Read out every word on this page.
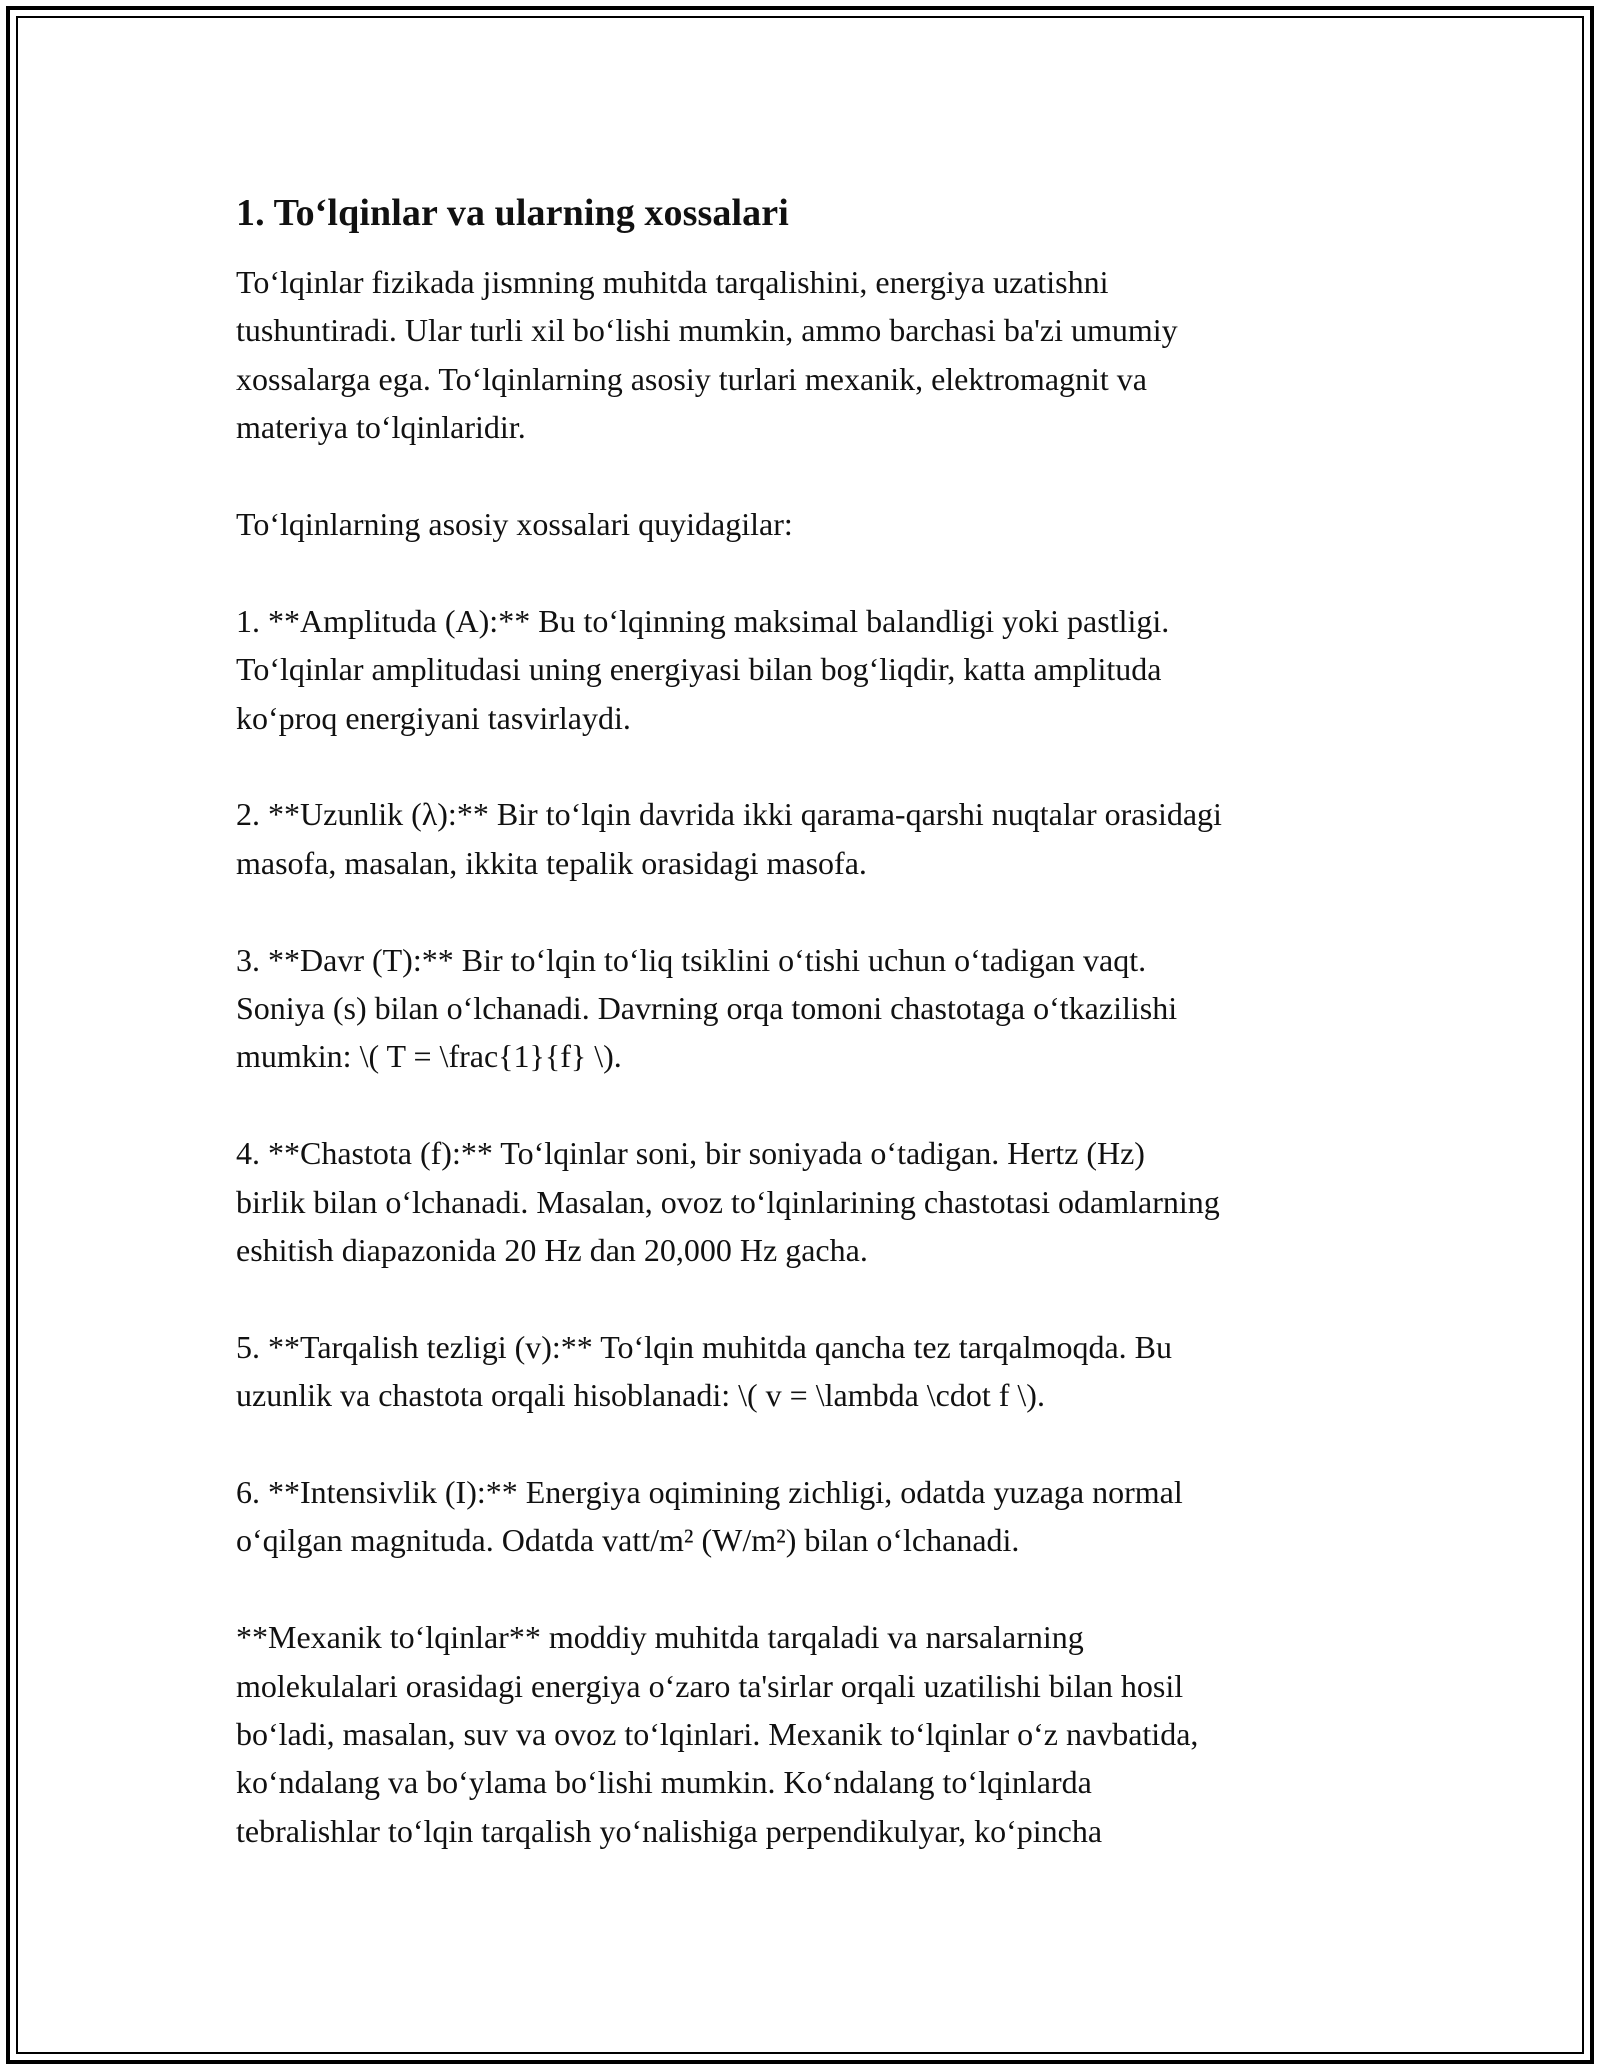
1. To‘lqinlar va ularning xossalari

To‘lqinlar fizikada jismning muhitda tarqalishini, energiya uzatishni
tushuntiradi. Ular turli xil bo‘lishi mumkin, ammo barchasi ba'zi umumiy
xossalarga ega. To‘lqinlarning asosiy turlari mexanik, elektromagnit va
materiya to‘lqinlaridir.

To‘lqinlarning asosiy xossalari quyidagilar:

1. **Amplituda (A):** Bu to‘lqinning maksimal balandligi yoki pastligi.
To‘lqinlar amplitudasi uning energiyasi bilan bog‘liqdir, katta amplituda
ko‘proq energiyani tasvirlaydi.

2. **Uzunlik (λ):** Bir to‘lqin davrida ikki qarama-qarshi nuqtalar orasidagi
masofa, masalan, ikkita tepalik orasidagi masofa.

3. **Davr (T):** Bir to‘lqin to‘liq tsiklini o‘tishi uchun o‘tadigan vaqt.
Soniya (s) bilan o‘lchanadi. Davrning orqa tomoni chastotaga o‘tkazilishi
mumkin: \( T = \frac{1}{f} \).

4. **Chastota (f):** To‘lqinlar soni, bir soniyada o‘tadigan. Hertz (Hz)
birlik bilan o‘lchanadi. Masalan, ovoz to‘lqinlarining chastotasi odamlarning
eshitish diapazonida 20 Hz dan 20,000 Hz gacha.

5. **Tarqalish tezligi (v):** To‘lqin muhitda qancha tez tarqalmoqda. Bu
uzunlik va chastota orqali hisoblanadi: \( v = \lambda \cdot f \).

6. **Intensivlik (I):** Energiya oqimining zichligi, odatda yuzaga normal
o‘qilgan magnituda. Odatda vatt/m² (W/m²) bilan o‘lchanadi.

**Mexanik to‘lqinlar** moddiy muhitda tarqaladi va narsalarning
molekulalari orasidagi energiya o‘zaro ta'sirlar orqali uzatilishi bilan hosil
bo‘ladi, masalan, suv va ovoz to‘lqinlari. Mexanik to‘lqinlar o‘z navbatida,
ko‘ndalang va bo‘ylama bo‘lishi mumkin. Ko‘ndalang to‘lqinlarda
tebralishlar to‘lqin tarqalish yo‘nalishiga perpendikulyar, ko‘pincha
